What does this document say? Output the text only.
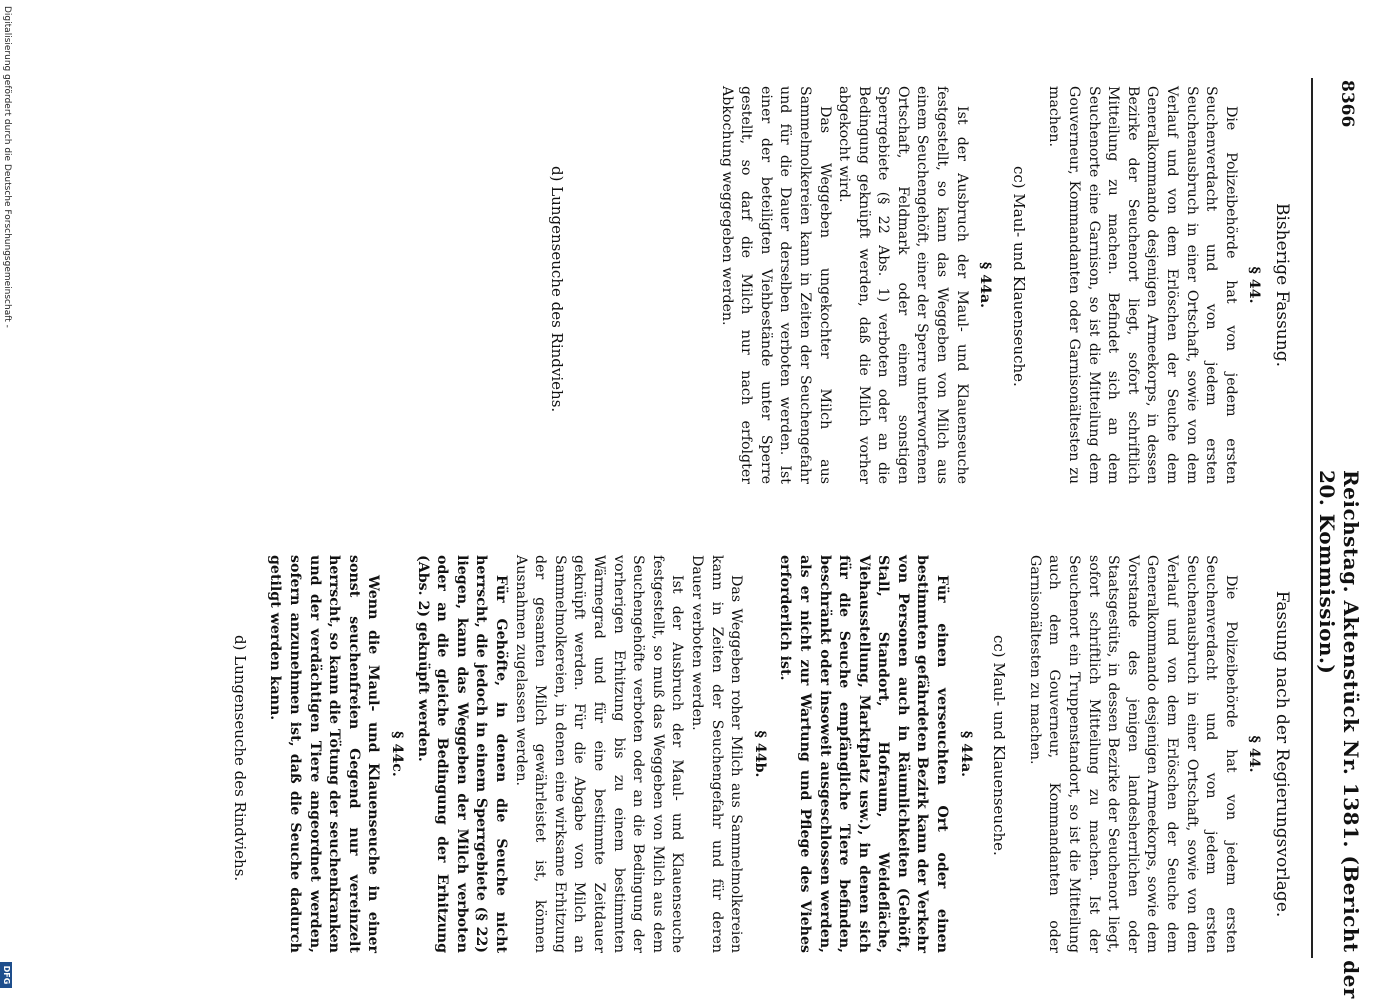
8366
Reichstag. Aktenstück Nr. 1381. (Bericht der 20. Kommission.)
Bisherige Fassung.
§ 44.

Die Polizeibehörde hat von jedem ersten Seuchenverdacht und von jedem ersten Seuchenausbruch in einer Ortschaft, sowie von dem Verlauf und von dem Erlöschen der Seuche dem Generalkommando desjenigen Armeekorps, in dessen Bezirke der Seuchenort liegt, sofort schriftlich Mitteilung zu machen. Befindet sich an dem Seuchenorte eine Garnison, so ist die Mitteilung dem Gouverneur, Kommandanten oder Garnisonältesten zu machen.

cc) Maul- und Klauenseuche.
§ 44a.

Ist der Ausbruch der Maul- und Klauenseuche festgestellt, so kann das Weggeben von Milch aus einem Seuchengehöft, einer der Sperre unterworfenen Ortschaft, Feldmark oder einem sonstigen Sperrgebiete (§ 22 Abs. 1) verboten oder an die Bedingung geknüpft werden, daß die Milch vorher abgekocht wird.

Das Weggeben ungekochter Milch aus Sammelmolkereien kann in Zeiten der Seuchengefahr und für die Dauer derselben verboten werden. Ist einer der beteiligten Viehbestände unter Sperre gestellt, so darf die Milch nur nach erfolgter Abkochung weggegeben werden.

d) Lungenseuche des Rindviehs.
Fassung nach der Regierungsvorlage.
§ 44.

Die Polizeibehörde hat von jedem ersten Seuchenverdacht und von jedem ersten Seuchenausbruch in einer Ortschaft, sowie von dem Verlauf und von dem Erlöschen der Seuche dem Generalkommando desjenigen Armeekorps, sowie dem Vorstande des jenigen landesherrlichen oder Staatsgestüts, in dessen Bezirke der Seuchenort liegt, sofort schriftlich Mitteilung zu machen. Ist der Seuchenort ein Truppenstandort, so ist die Mitteilung auch dem Gouverneur, Kommandanten oder Garnisonältesten zu machen.

cc) Maul- und Klauenseuche.
§ 44a.

Für einen verseuchten Ort oder einen bestimmten gefährdeten Bezirk kann der Verkehr von Personen auch in Räumlichkeiten (Gehöft, Stall, Standort, Hofraum, Weidefläche, Viehausstellung, Marktplatz usw.), in denen sich für die Seuche empfängliche Tiere befinden, beschränkt oder insoweit ausgeschlossen werden, als er nicht zur Wartung und Pflege des Viehes erforderlich ist.

§ 44b.

Das Weggeben roher Milch aus Sammelmolkereien kann in Zeiten der Seuchengefahr und für deren Dauer verboten werden.

Ist der Ausbruch der Maul- und Klauenseuche festgestellt, so muß das Weggeben von Milch aus dem Seuchengehöfte verboten oder an die Bedingung der vorherigen Erhitzung bis zu einem bestimmten Wärmegrad und für eine bestimmte Zeitdauer geknüpft werden. Für die Abgabe von Milch an Sammelmolkereien, in denen eine wirksame Erhitzung der gesamten Milch gewährleistet ist, können Ausnahmen zugelassen werden.

Für Gehöfte, in denen die Seuche nicht herrscht, die jedoch in einem Sperrgebiete (§ 22) liegen, kann das Weggeben der Milch verboten oder an die gleiche Bedingung der Erhitzung (Abs. 2) geknüpft werden.

§ 44c.

Wenn die Maul- und Klauenseuche in einer sonst seuchenfreien Gegend nur vereinzelt herrscht, so kann die Tötung der seuchenkranken und der verdächtigen Tiere angeordnet werden, sofern anzunehmen ist, daß die Seuche dadurch getilgt werden kann.

d) Lungenseuche des Rindviehs.
Digitalisierung gefördert durch die Deutsche Forschungsgemeinschaft -
DFG
